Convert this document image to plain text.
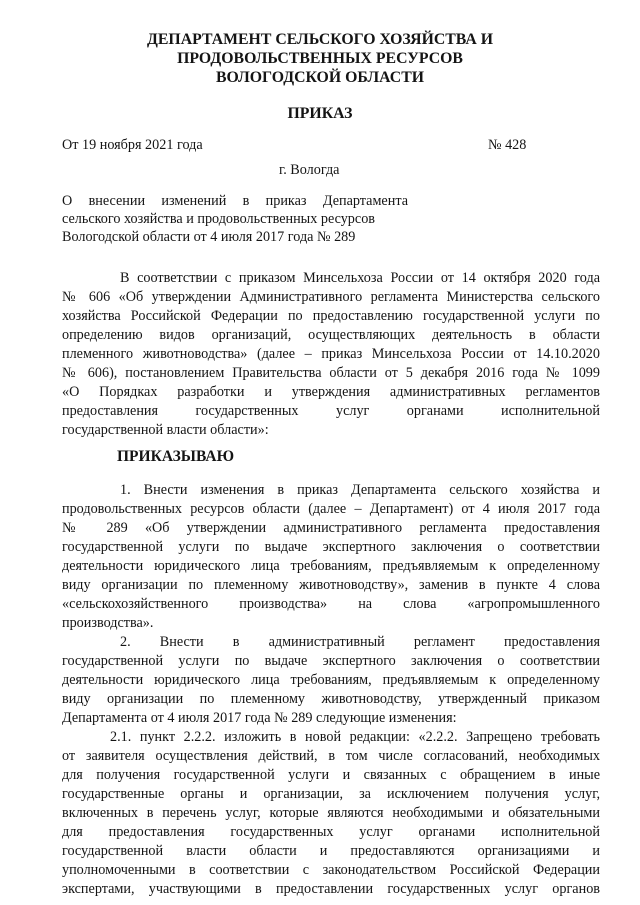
ДЕПАРТАМЕНТ СЕЛЬСКОГО ХОЗЯЙСТВА И
ПРОДОВОЛЬСТВЕННЫХ РЕСУРСОВ
ВОЛОГОДСКОЙ ОБЛАСТИ
ПРИКАЗ
От 19 ноября 2021 года	№ 428
г. Вологда
О внесении изменений в приказ Департамента
сельского хозяйства и продовольственных ресурсов
Вологодской области от 4 июля 2017 года № 289
В соответствии с приказом Минсельхоза России от 14 октября 2020 года
№ 606 «Об утверждении Административного регламента Министерства сельского
хозяйства Российской Федерации по предоставлению государственной услуги по
определению видов организаций, осуществляющих деятельность в области
племенного животноводства» (далее – приказ Минсельхоза России от 14.10.2020
№ 606), постановлением Правительства области от 5 декабря 2016 года № 1099
«О Порядках разработки и утверждения административных регламентов
предоставления государственных услуг органами исполнительной
государственной власти области»:
ПРИКАЗЫВАЮ
1. Внести изменения в приказ Департамента сельского хозяйства и
продовольственных ресурсов области (далее – Департамент) от 4 июля 2017 года
№ 289 «Об утверждении административного регламента предоставления
государственной услуги по выдаче экспертного заключения о соответствии
деятельности юридического лица требованиям, предъявляемым к определенному
виду организации по племенному животноводству», заменив в пункте 4 слова
«сельскохозяйственного производства» на слова «агропромышленного
производства».
2. Внести в административный регламент предоставления
государственной услуги по выдаче экспертного заключения о соответствии
деятельности юридического лица требованиям, предъявляемым к определенному
виду организации по племенному животноводству, утвержденный приказом
Департамента от 4 июля 2017 года № 289 следующие изменения:
2.1. пункт 2.2.2. изложить в новой редакции: «2.2.2. Запрещено требовать
от заявителя осуществления действий, в том числе согласований, необходимых
для получения государственной услуги и связанных с обращением в иные
государственные органы и организации, за исключением получения услуг,
включенных в перечень услуг, которые являются необходимыми и обязательными
для предоставления государственных услуг органами исполнительной
государственной власти области и предоставляются организациями и
уполномоченными в соответствии с законодательством Российской Федерации
экспертами, участвующими в предоставлении государственных услуг органов
